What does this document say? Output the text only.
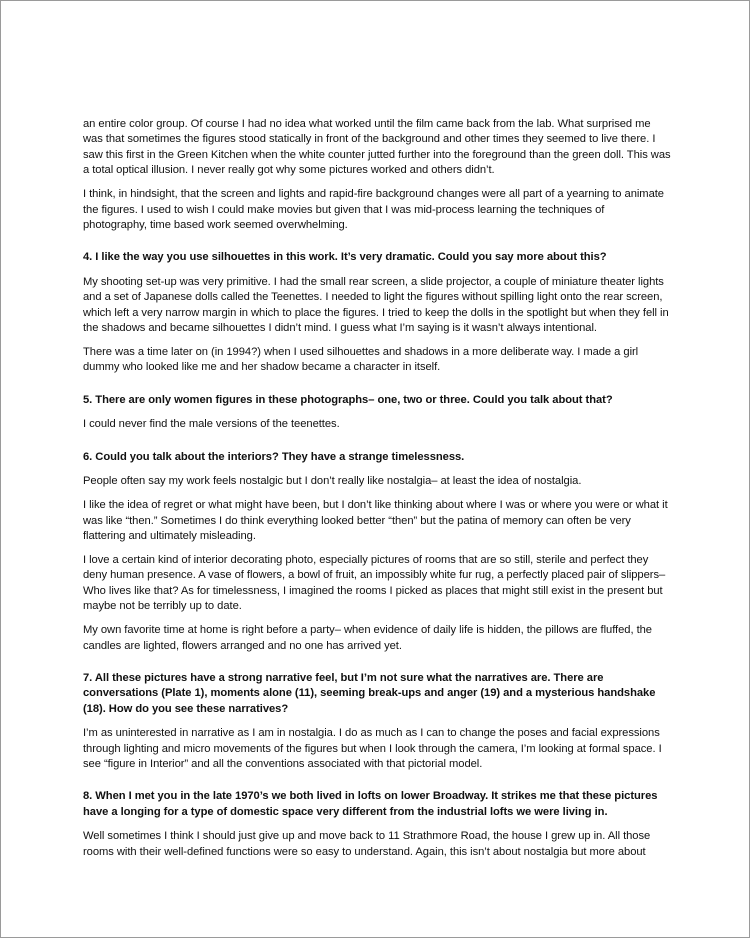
an entire color group. Of course I had no idea what worked until the film came back from the lab. What surprised me was that sometimes the figures stood statically in front of the background and other times they seemed to live there. I saw this first in the Green Kitchen when the white counter jutted further into the foreground than the green doll. This was a total optical illusion. I never really got why some pictures worked and others didn’t.

I think, in hindsight, that the screen and lights and rapid-fire background changes were all part of a yearning to animate the figures. I used to wish I could make movies but given that I was mid-process learning the techniques of photography, time based work seemed overwhelming.

4. I like the way you use silhouettes in this work. It’s very dramatic. Could you say more about this?

My shooting set-up was very primitive. I had the small rear screen, a slide projector, a couple of miniature theater lights and a set of Japanese dolls called the Teenettes. I needed to light the figures without spilling light onto the rear screen, which left a very narrow margin in which to place the figures. I tried to keep the dolls in the spotlight but when they fell in the shadows and became silhouettes I didn’t mind. I guess what I’m saying is it wasn’t always intentional.

There was a time later on (in 1994?) when I used silhouettes and shadows in a more deliberate way. I made a girl dummy who looked like me and her shadow became a character in itself.

5. There are only women figures in these photographs– one, two or three. Could you talk about that?

I could never find the male versions of the teenettes.

6. Could you talk about the interiors? They have a strange timelessness.

People often say my work feels nostalgic but I don’t really like nostalgia– at least the idea of nostalgia.

I like the idea of regret or what might have been, but I don’t like thinking about where I was or where you were or what it was like “then.” Sometimes I do think everything looked better “then” but the patina of memory can often be very flattering and ultimately misleading.

I love a certain kind of interior decorating photo, especially pictures of rooms that are so still, sterile and perfect they deny human presence. A vase of flowers, a bowl of fruit, an impossibly white fur rug, a perfectly placed pair of slippers– Who lives like that? As for timelessness, I imagined the rooms I picked as places that might still exist in the present but maybe not be terribly up to date.

My own favorite time at home is right before a party– when evidence of daily life is hidden, the pillows are fluffed, the candles are lighted, flowers arranged and no one has arrived yet.

7. All these pictures have a strong narrative feel, but I’m not sure what the narratives are. There are conversations (Plate 1), moments alone (11), seeming break-ups and anger (19) and a mysterious handshake (18). How do you see these narratives?

I’m as uninterested in narrative as I am in nostalgia. I do as much as I can to change the poses and facial expressions through lighting and micro movements of the figures but when I look through the camera, I’m looking at formal space. I see “figure in Interior” and all the conventions associated with that pictorial model.

8. When I met you in the late 1970’s we both lived in lofts on lower Broadway. It strikes me that these pictures have a longing for a type of domestic space very different from the industrial lofts we were living in.

Well sometimes I think I should just give up and move back to 11 Strathmore Road, the house I grew up in. All those rooms with their well-defined functions were so easy to understand. Again, this isn’t about nostalgia but more about
